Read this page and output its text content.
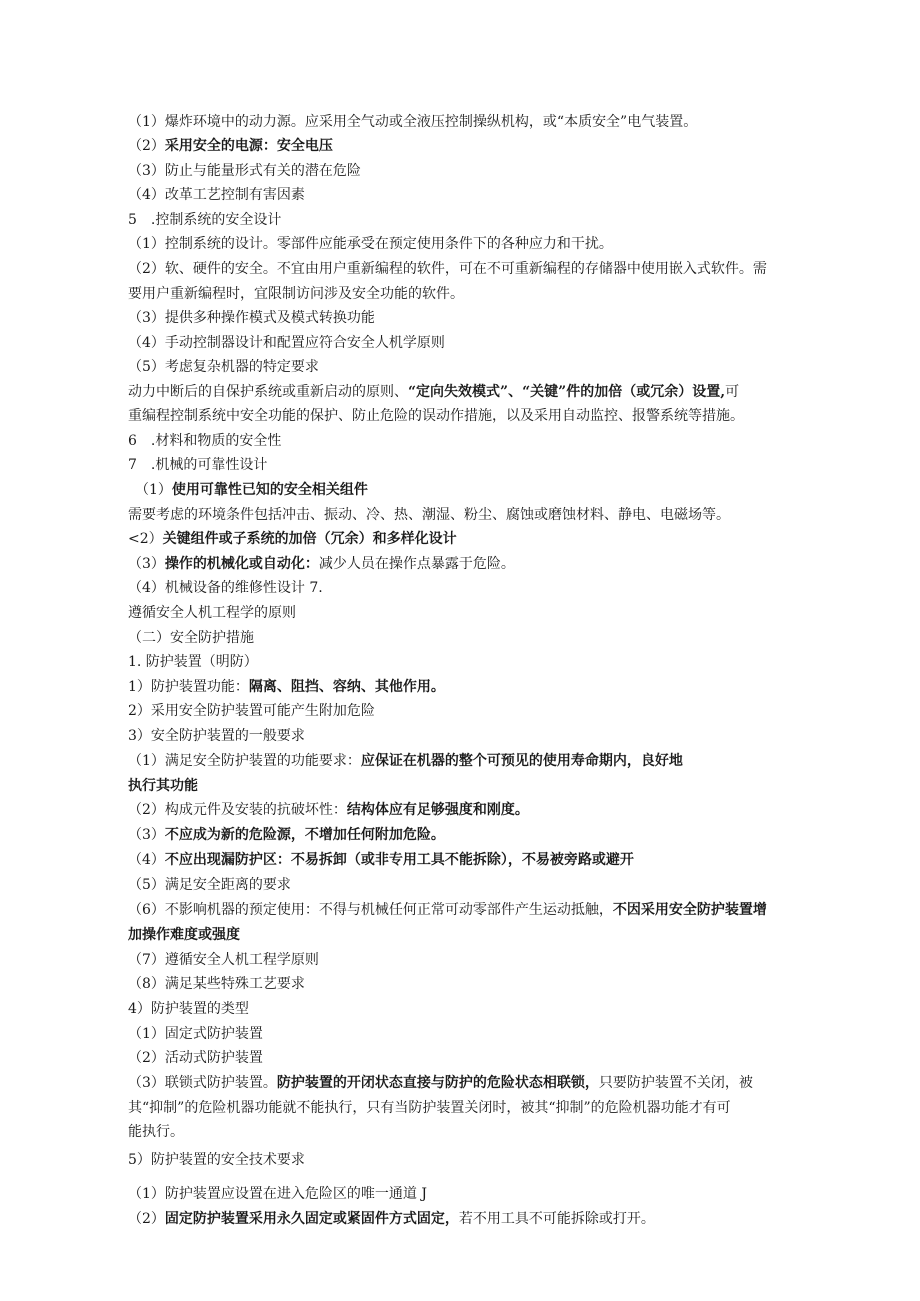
（1）爆炸环境中的动力源。应采用全气动或全液压控制操纵机构，或“本质安全”电气装置。
（2）采用安全的电源：安全电压
（3）防止与能量形式有关的潜在危险
（4）改革工艺控制有害因素
5　.控制系统的安全设计
（1）控制系统的设计。零部件应能承受在预定使用条件下的各种应力和干扰。
（2）软、硬件的安全。不宜由用户重新编程的软件，可在不可重新编程的存储器中使用嵌入式软件。需
要用户重新编程时，宜限制访问涉及安全功能的软件。
（3）提供多种操作模式及模式转换功能
（4）手动控制器设计和配置应符合安全人机学原则
（5）考虑复杂机器的特定要求
动力中断后的自保护系统或重新启动的原则、“定向失效模式”、“关键”件的加倍（或冗余）设置,可
重编程控制系统中安全功能的保护、防止危险的误动作措施，以及采用自动监控、报警系统等措施。
6　.材料和物质的安全性
7　.机械的可靠性设计
　（1）使用可靠性已知的安全相关组件
需要考虑的环境条件包括冲击、振动、冷、热、潮湿、粉尘、腐蚀或磨蚀材料、静电、电磁场等。
<2）关键组件或子系统的加倍（冗余）和多样化设计
（3）操作的机械化或自动化：减少人员在操作点暴露于危险。
（4）机械设备的维修性设计 7.
遵循安全人机工程学的原则
（二）安全防护措施
1. 防护装置（明防）
1）防护装置功能：隔离、阻挡、容纳、其他作用。
2）采用安全防护装置可能产生附加危险
3）安全防护装置的一般要求
（1）满足安全防护装置的功能要求：应保证在机器的整个可预见的使用寿命期内，良好地
执行其功能
（2）构成元件及安装的抗破坏性：结构体应有足够强度和刚度。
（3）不应成为新的危险源，不增加任何附加危险。
（4）不应出现漏防护区：不易拆卸（或非专用工具不能拆除），不易被旁路或避开
（5）满足安全距离的要求
（6）不影响机器的预定使用：不得与机械任何正常可动零部件产生运动抵触，不因采用安全防护装置增
加操作难度或强度
（7）遵循安全人机工程学原则
（8）满足某些特殊工艺要求
4）防护装置的类型
（1）固定式防护装置
（2）活动式防护装置
（3）联锁式防护装置。防护装置的开闭状态直接与防护的危险状态相联锁，只要防护装置不关闭，被
其“抑制”的危险机器功能就不能执行，只有当防护装置关闭时，被其“抑制”的危险机器功能才有可
能执行。
5）防护装置的安全技术要求
（1）防护装置应设置在进入危险区的唯一通道 J
（2）固定防护装置采用永久固定或紧固件方式固定，若不用工具不可能拆除或打开。
